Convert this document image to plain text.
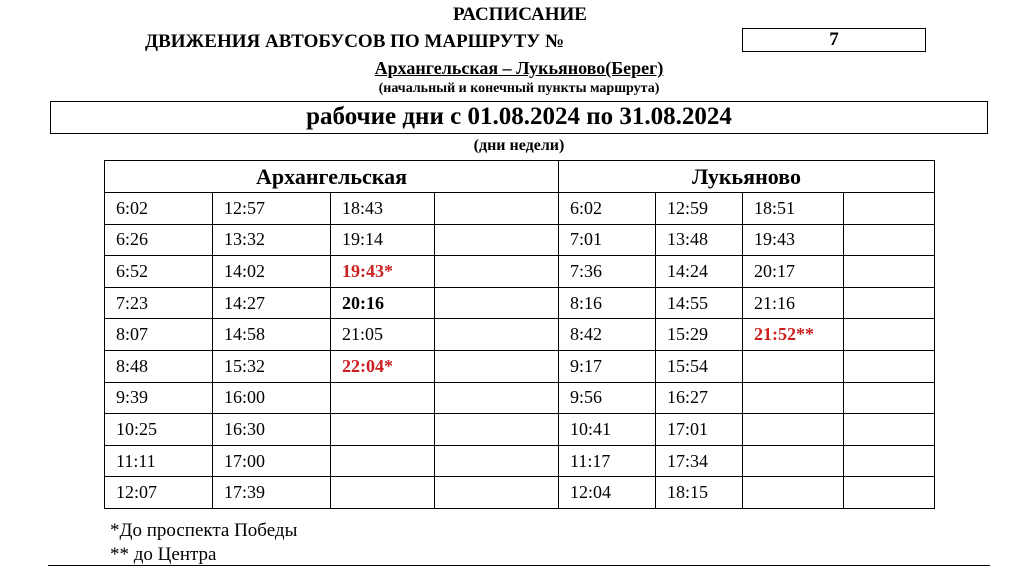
РАСПИСАНИЕ
ДВИЖЕНИЯ АВТОБУСОВ ПО МАРШРУТУ №	7
Архангельская – Лукьяново(Берег)
(начальный и конечный пункты маршрута)
рабочие дни с 01.08.2024 по 31.08.2024
(дни недели)
Архангельская				Лукьяново			
6:02	12:57	18:43		6:02	12:59	18:51	
6:26	13:32	19:14		7:01	13:48	19:43	
6:52	14:02	19:43*		7:36	14:24	20:17	
7:23	14:27	20:16		8:16	14:55	21:16	
8:07	14:58	21:05		8:42	15:29	21:52**	
8:48	15:32	22:04*		9:17	15:54		
9:39	16:00			9:56	16:27		
10:25	16:30			10:41	17:01		
11:11	17:00			11:17	17:34		
12:07	17:39			12:04	18:15		
*До проспекта Победы
** до Центра
